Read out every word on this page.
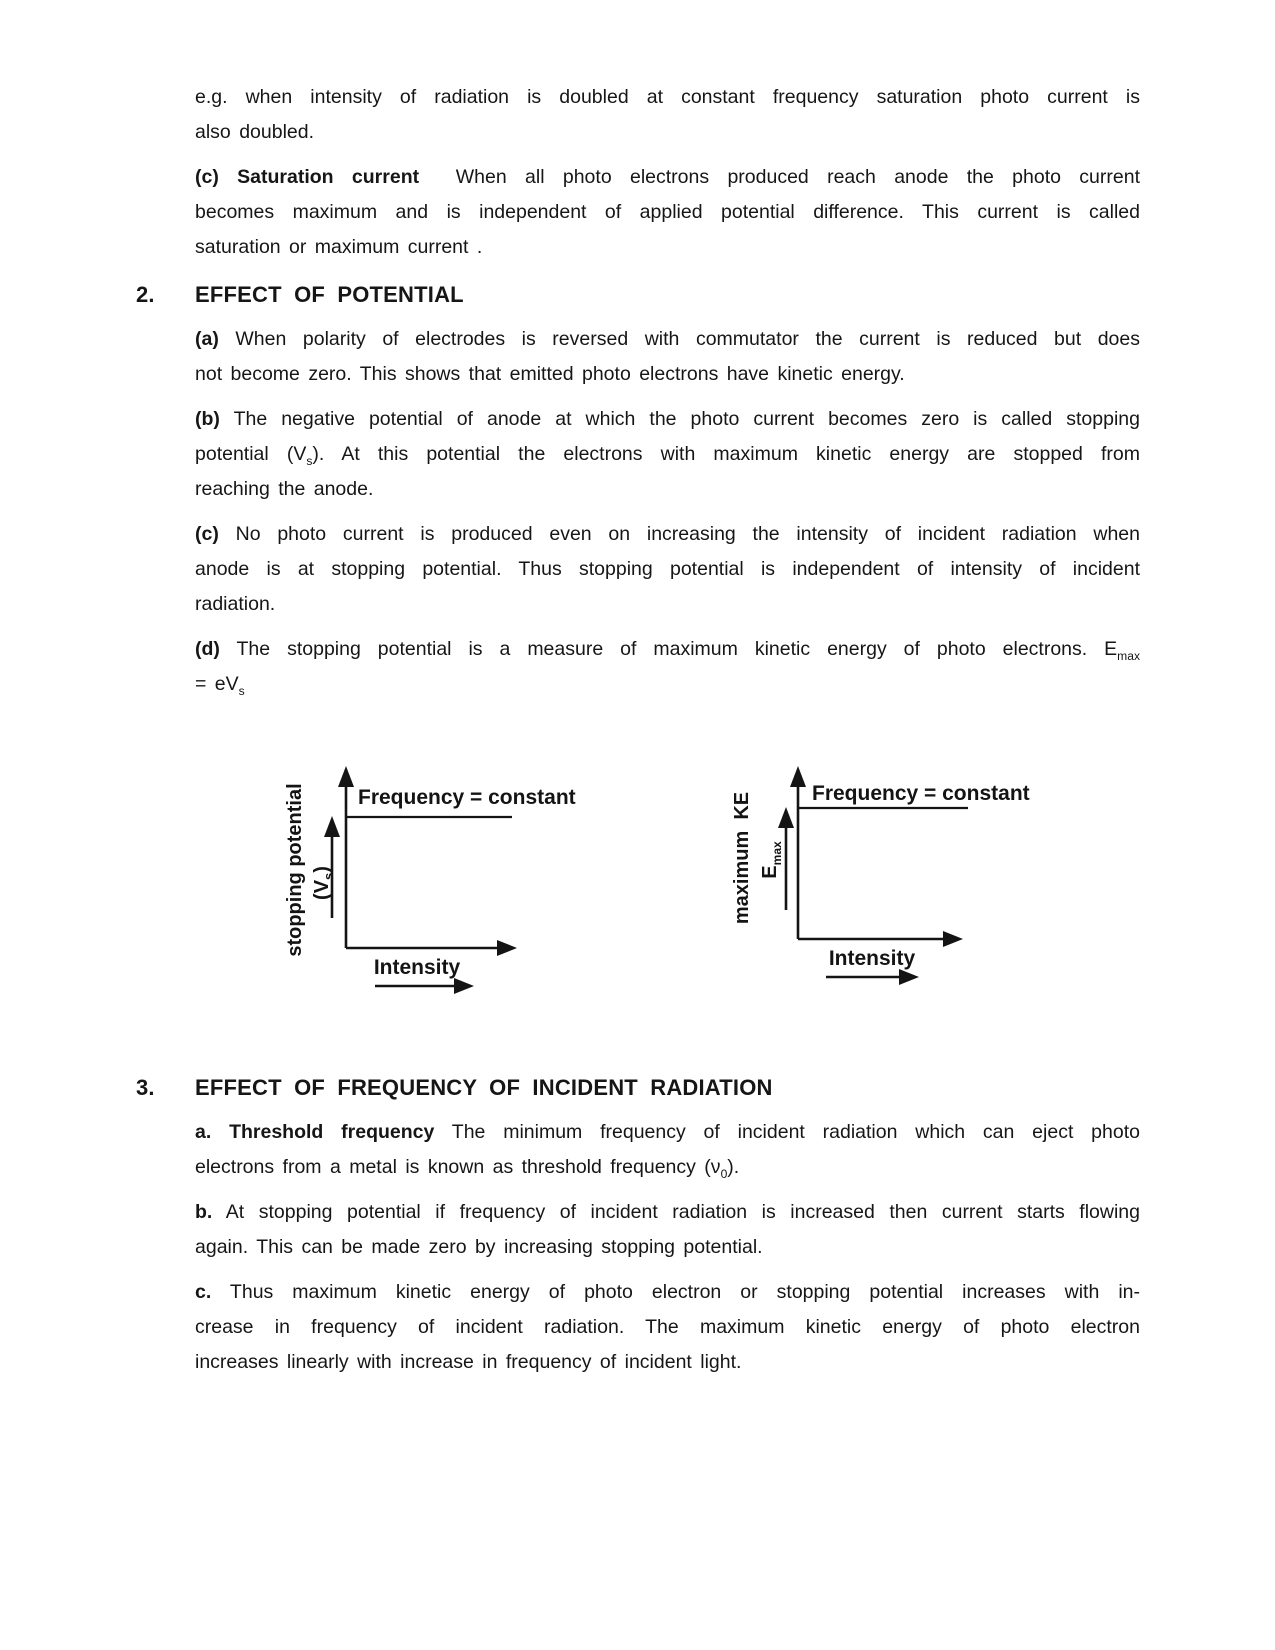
e.g. when intensity of radiation is doubled at constant frequency saturation photo current is
also doubled.
(c) Saturation current  When all photo electrons produced reach anode the photo current
becomes maximum and is independent of applied potential difference. This current is called
saturation or maximum current .
2. EFFECT OF POTENTIAL
(a) When polarity of electrodes is reversed with commutator the current is reduced but does
not become zero. This shows that emitted photo electrons have kinetic energy.
(b) The negative potential of anode at which the photo current becomes zero is called stopping
potential $(V_s)$. At this potential the electrons with maximum kinetic energy are stopped from
reaching the anode.
(c) No photo current is produced even on increasing the intensity of incident radiation when
anode is at stopping potential. Thus stopping potential is independent of intensity of incident
radiation.
(d) The stopping potential is a measure of maximum kinetic energy of photo electrons. $E_{max}$
= $eV_s$
stopping potential $(V_s)$
Frequency = constant
Intensity
maximum  KE $E_{max}$
Frequency = constant
Intensity
3. EFFECT OF FREQUENCY OF INCIDENT RADIATION
a. Threshold frequency The minimum frequency of incident radiation which can eject photo
electrons from a metal is known as threshold frequency $(\nu_0)$.
b. At stopping potential if frequency of incident radiation is increased then current starts flowing
again. This can be made zero by increasing stopping potential.
c. Thus maximum kinetic energy of photo electron or stopping potential increases with in-
crease in frequency of incident radiation. The maximum kinetic energy of photo electron
increases linearly with increase in frequency of incident light.
